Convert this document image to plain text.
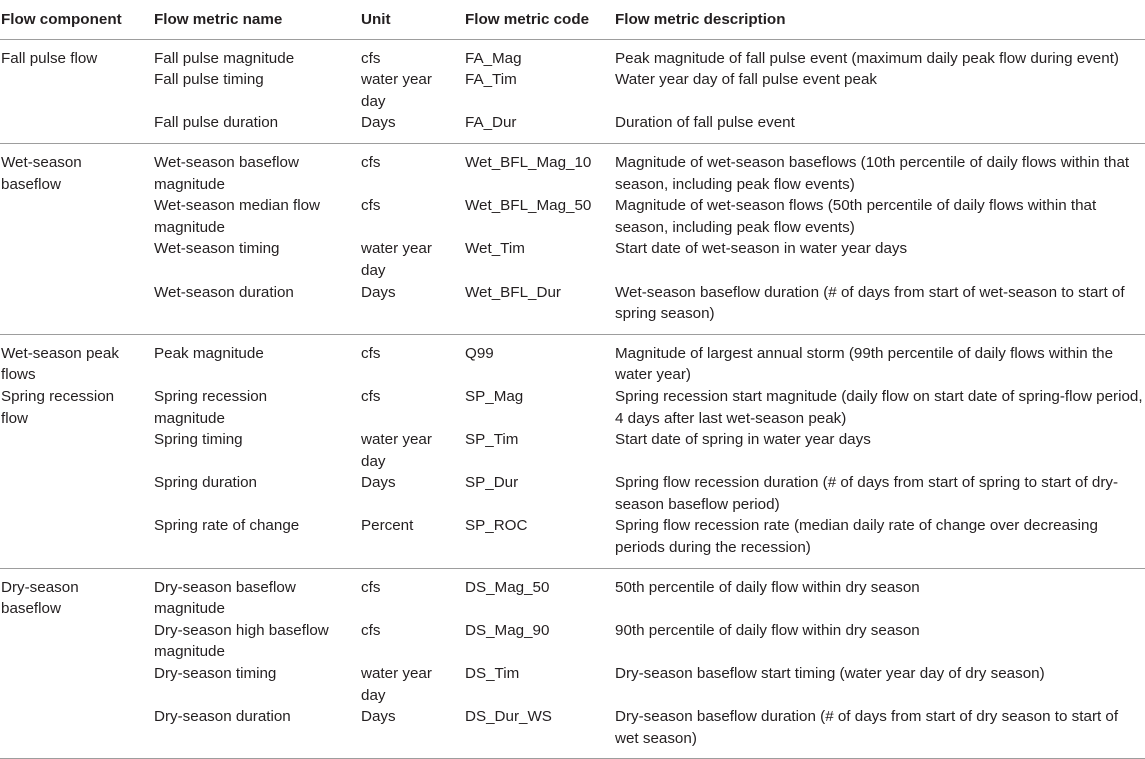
Flow component	Flow metric name	Unit	Flow metric code	Flow metric description
Fall pulse flow	Fall pulse magnitude	cfs	FA_Mag	Peak magnitude of fall pulse event (maximum daily peak flow during event)
	Fall pulse timing	water year day	FA_Tim	Water year day of fall pulse event peak
	Fall pulse duration	Days	FA_Dur	Duration of fall pulse event
Wet-season baseflow	Wet-season baseflow magnitude	cfs	Wet_BFL_Mag_10	Magnitude of wet-season baseflows (10th percentile of daily flows within that season, including peak flow events)
	Wet-season median flow magnitude	cfs	Wet_BFL_Mag_50	Magnitude of wet-season flows (50th percentile of daily flows within that season, including peak flow events)
	Wet-season timing	water year day	Wet_Tim	Start date of wet-season in water year days
	Wet-season duration	Days	Wet_BFL_Dur	Wet-season baseflow duration (# of days from start of wet-season to start of spring season)
Wet-season peak flows	Peak magnitude	cfs	Q99	Magnitude of largest annual storm (99th percentile of daily flows within the water year)
Spring recession flow	Spring recession magnitude	cfs	SP_Mag	Spring recession start magnitude (daily flow on start date of spring-flow period, 4 days after last wet-season peak)
	Spring timing	water year day	SP_Tim	Start date of spring in water year days
	Spring duration	Days	SP_Dur	Spring flow recession duration (# of days from start of spring to start of dry-season baseflow period)
	Spring rate of change	Percent	SP_ROC	Spring flow recession rate (median daily rate of change over decreasing periods during the recession)
Dry-season baseflow	Dry-season baseflow magnitude	cfs	DS_Mag_50	50th percentile of daily flow within dry season
	Dry-season high baseflow magnitude	cfs	DS_Mag_90	90th percentile of daily flow within dry season
	Dry-season timing	water year day	DS_Tim	Dry-season baseflow start timing (water year day of dry season)
	Dry-season duration	Days	DS_Dur_WS	Dry-season baseflow duration (# of days from start of dry season to start of wet season)
